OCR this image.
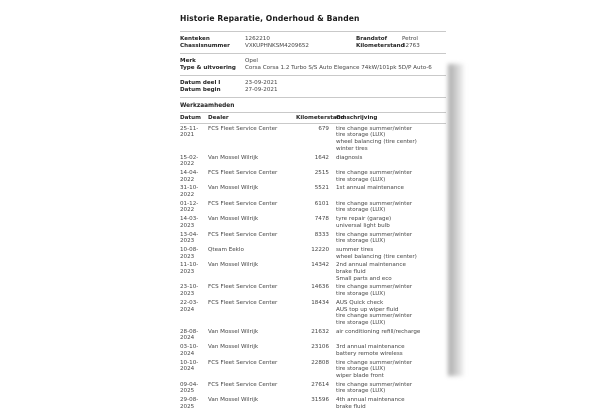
Historie Reparatie, Onderhoud & Banden
Kenteken	1262210
Chassisnummer	VXKUPHNKSM4209652
Brandstof	Petrol
Kilometerstand
32763
Merk	Opel
Type & uitvoering	Corsa Corsa 1.2 Turbo S/S Auto Elegance 74kW/101pk 5D/P Auto-6
Datum deel I	23-09-2021
Datum begin	27-09-2021
Werkzaamheden
Datum	Dealer	Kilometerstand
Omschrijving
25-11-2021
FCS Fleet Service Center	679	tire change summer/winter
tire storage (LUX)
wheel balancing (tire center)
winter tires
15-02-2022
Van Mossel Wilrijk	1642	diagnosis
14-04-2022
FCS Fleet Service Center	2515	tire change summer/winter
tire storage (LUX)
31-10-2022
Van Mossel Wilrijk	5521	1st annual maintenance
01-12-2022
FCS Fleet Service Center	6101	tire change summer/winter
tire storage (LUX)
14-03-2023
Van Mossel Wilrijk	7478	tyre repair (garage)
universal light bulb
13-04-2023
FCS Fleet Service Center	8333	tire change summer/winter
tire storage (LUX)
10-08-2023
Qteam Eeklo	12220	summer tires
wheel balancing (tire center)
11-10-2023
Van Mossel Wilrijk	14342	2nd annual maintenance
brake fluid
Small parts and eco
23-10-2023
FCS Fleet Service Center	14636	tire change summer/winter
tire storage (LUX)
22-03-2024
FCS Fleet Service Center	18434	AUS Quick check
AUS top up wiper fluid
tire change summer/winter
tire storage (LUX)
28-08-2024
Van Mossel Wilrijk	21632	air conditioning refill/recharge
03-10-2024
Van Mossel Wilrijk	23106	3rd annual maintenance
battery remote wireless
10-10-2024
FCS Fleet Service Center	22808	tire change summer/winter
tire storage (LUX)
wiper blade front
09-04-2025
FCS Fleet Service Center	27614	tire change summer/winter
tire storage (LUX)
29-08-2025
Van Mossel Wilrijk	31596	4th annual maintenance
brake fluid
